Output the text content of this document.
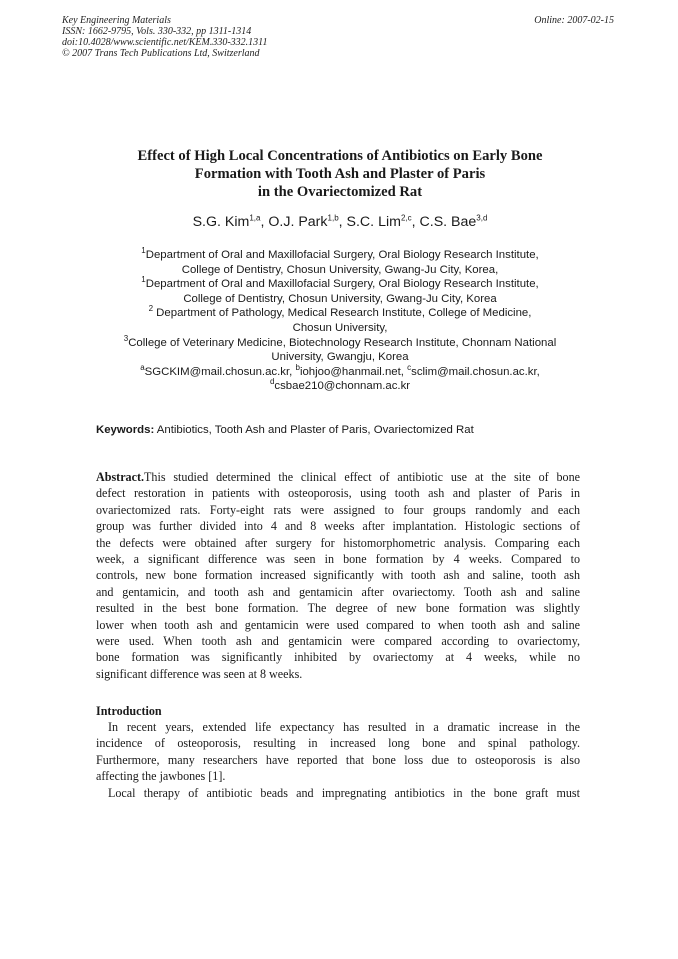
Key Engineering Materials
ISSN: 1662-9795, Vols. 330-332, pp 1311-1314
doi:10.4028/www.scientific.net/KEM.330-332.1311
© 2007 Trans Tech Publications Ltd, Switzerland
Online: 2007-02-15
Effect of High Local Concentrations of Antibiotics on Early Bone
Formation with Tooth Ash and Plaster of Paris
in the Ovariectomized Rat
S.G. Kim$^{1,a}$, O.J. Park$^{1,b}$, S.C. Lim$^{2,c}$, C.S. Bae$^{3,d}$
$^1$Department of Oral and Maxillofacial Surgery, Oral Biology Research Institute,
College of Dentistry, Chosun University, Gwang-Ju City, Korea,
$^1$Department of Oral and Maxillofacial Surgery, Oral Biology Research Institute,
College of Dentistry, Chosun University, Gwang-Ju City, Korea
$^2$ Department of Pathology, Medical Research Institute, College of Medicine,
Chosun University,
$^3$College of Veterinary Medicine, Biotechnology Research Institute, Chonnam National
University, Gwangju, Korea
$^a$SGCKIM@mail.chosun.ac.kr, $^b$iohjoo@hanmail.net, $^c$sclim@mail.chosun.ac.kr,
$^d$csbae210@chonnam.ac.kr
Keywords: Antibiotics, Tooth Ash and Plaster of Paris, Ovariectomized Rat
Abstract. This studied determined the clinical effect of antibiotic use at the site of bone
defect restoration in patients with osteoporosis, using tooth ash and plaster of Paris in
ovariectomized rats. Forty-eight rats were assigned to four groups randomly and each
group was further divided into 4 and 8 weeks after implantation. Histologic sections of
the defects were obtained after surgery for histomorphometric analysis. Comparing each
week, a significant difference was seen in bone formation by 4 weeks. Compared to
controls, new bone formation increased significantly with tooth ash and saline, tooth ash
and gentamicin, and tooth ash and gentamicin after ovariectomy. Tooth ash and saline
resulted in the best bone formation. The degree of new bone formation was slightly
lower when tooth ash and gentamicin were used compared to when tooth ash and saline
were used. When tooth ash and gentamicin were compared according to ovariectomy,
bone formation was significantly inhibited by ovariectomy at 4 weeks, while no
significant difference was seen at 8 weeks.
Introduction
In recent years, extended life expectancy has resulted in a dramatic increase in the
incidence of osteoporosis, resulting in increased long bone and spinal pathology.
Furthermore, many researchers have reported that bone loss due to osteoporosis is also
affecting the jawbones [1].
Local therapy of antibiotic beads and impregnating antibiotics in the bone graft must
